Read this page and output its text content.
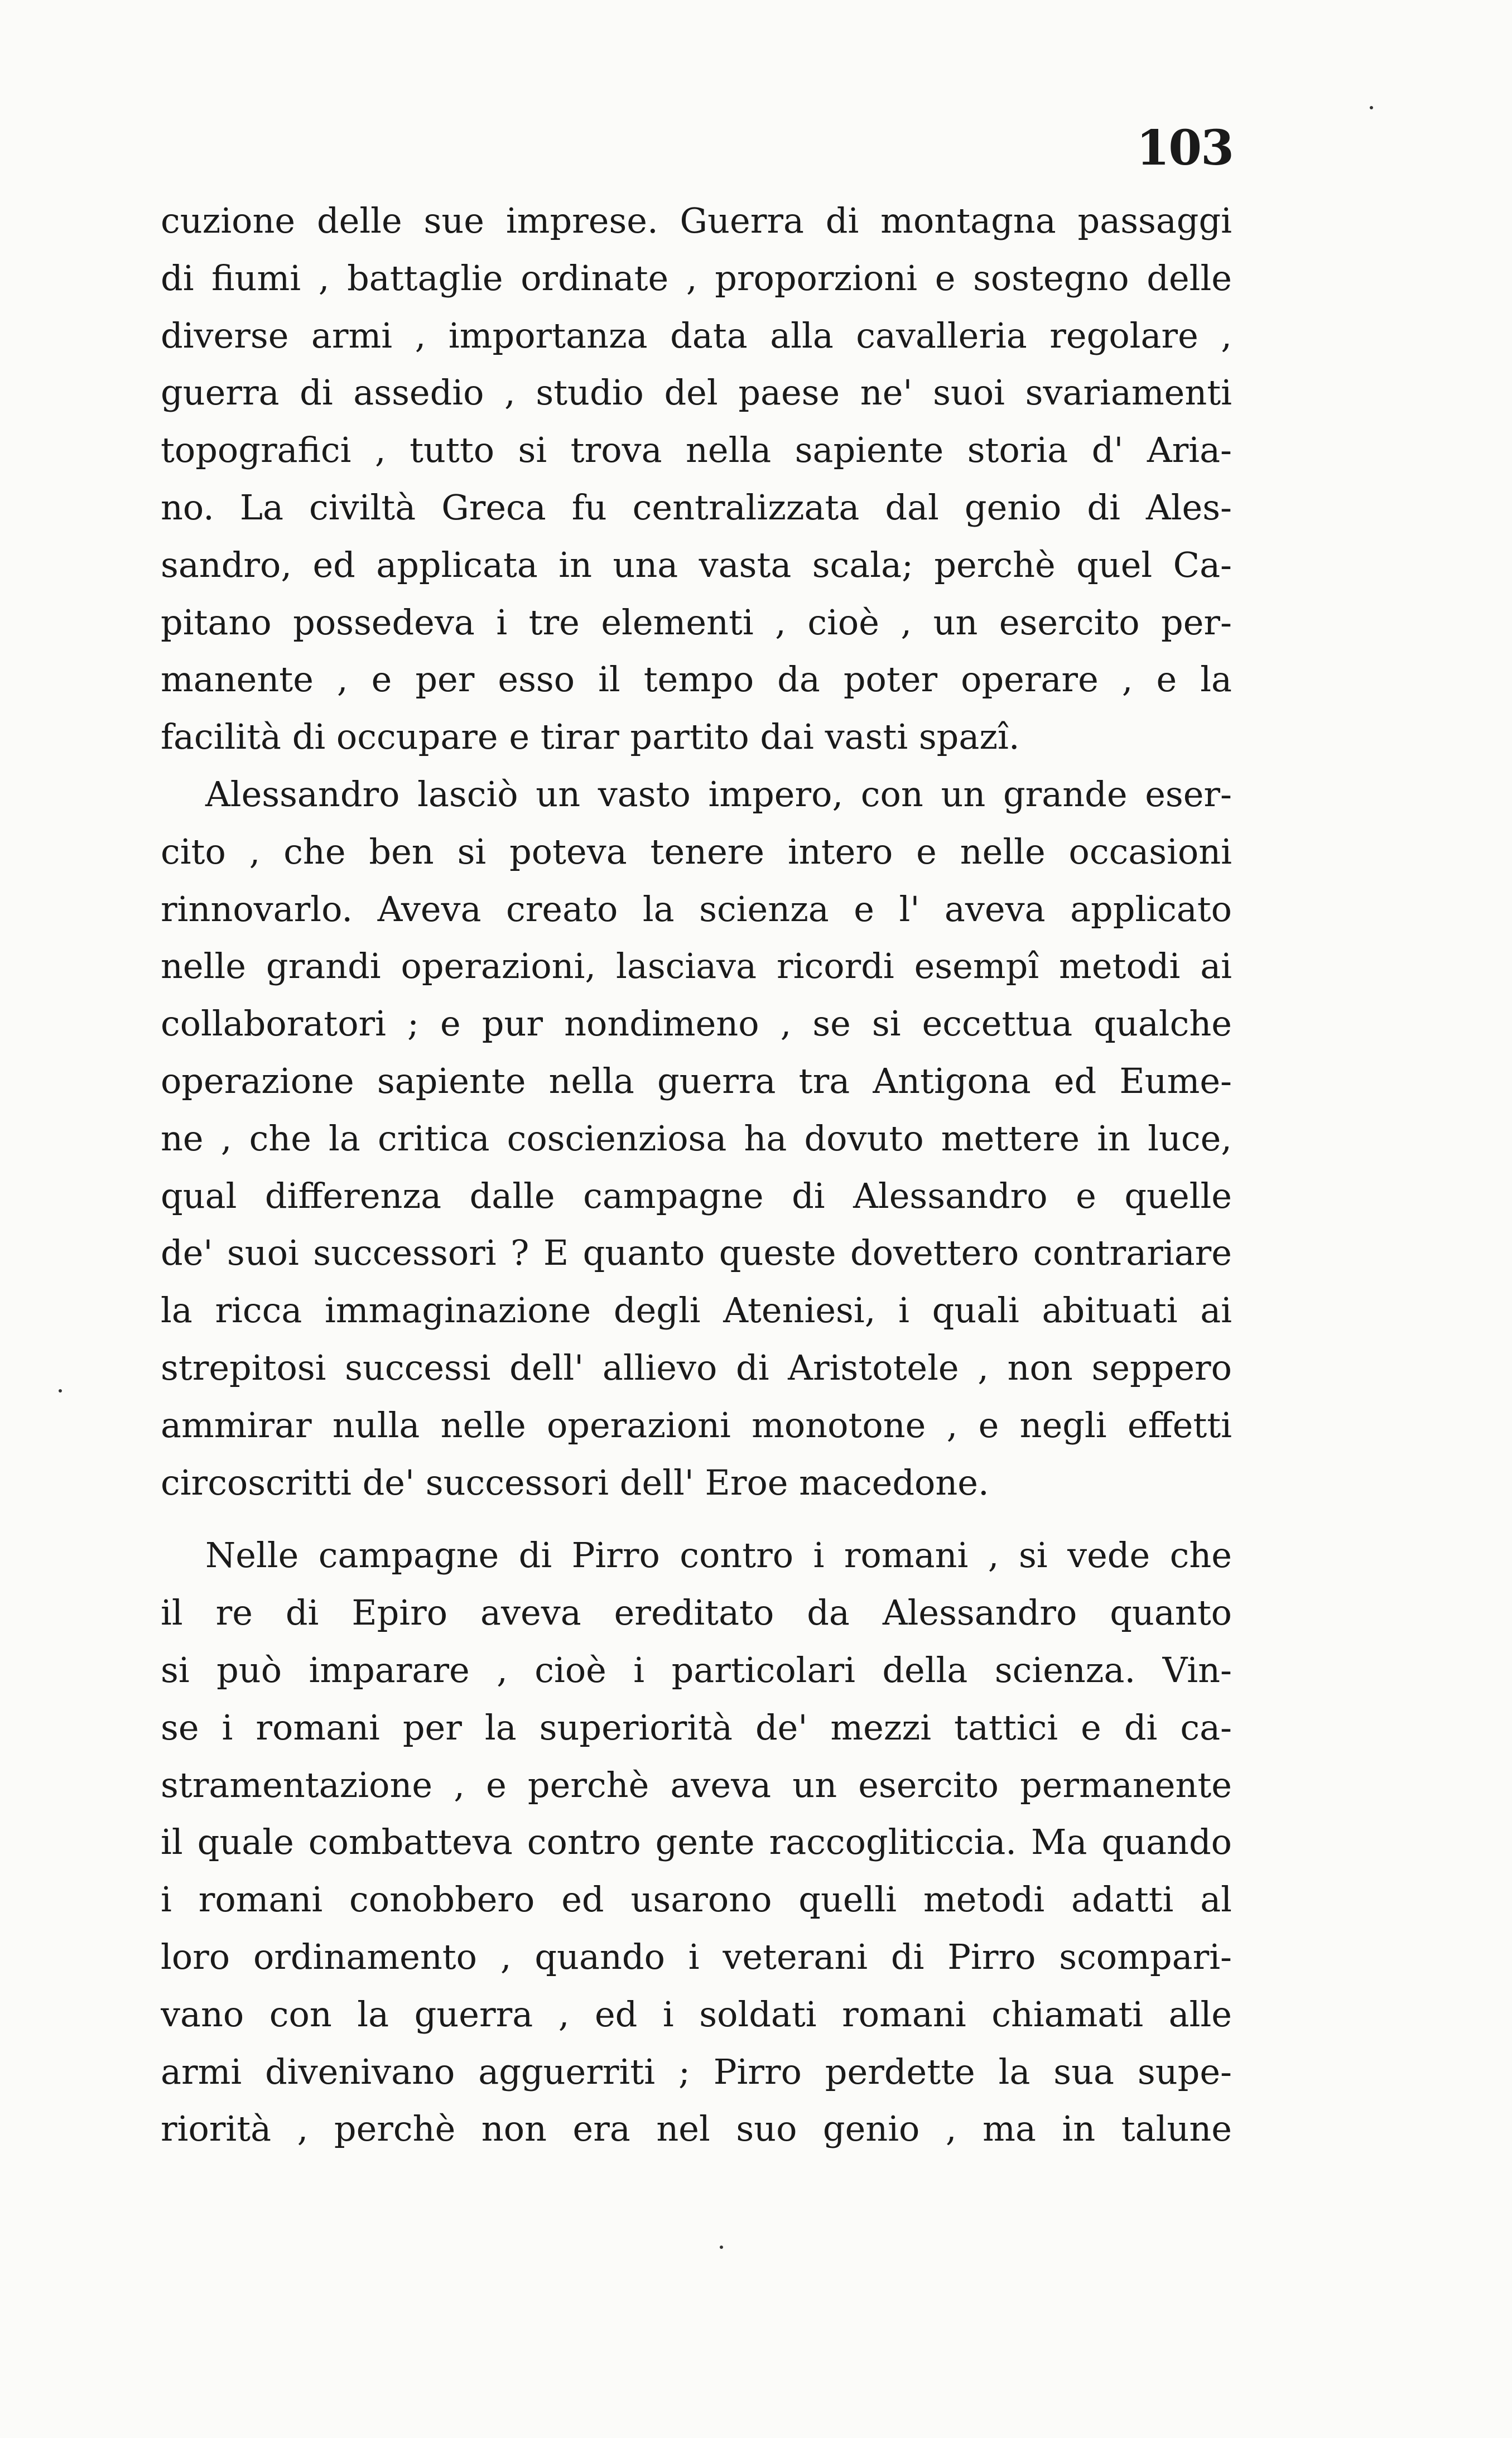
103
cuzione delle sue imprese. Guerra di montagna passaggi
di fiumi , battaglie ordinate , proporzioni e sostegno delle
diverse armi , importanza data alla cavalleria regolare ,
guerra di assedio , studio del paese ne' suoi svariamenti
topografici , tutto si trova nella sapiente storia d' Aria-
no. La civiltà Greca fu centralizzata dal genio di Ales-
sandro, ed applicata in una vasta scala; perchè quel Ca-
pitano possedeva i tre elementi , cioè , un esercito per-
manente , e per esso il tempo da poter operare , e la
facilità di occupare e tirar partito dai vasti spazî.
Alessandro lasciò un vasto impero, con un grande eser-
cito , che ben si poteva tenere intero e nelle occasioni
rinnovarlo. Aveva creato la scienza e l' aveva applicato
nelle grandi operazioni, lasciava ricordi esempî metodi ai
collaboratori ; e pur nondimeno , se si eccettua qualche
operazione sapiente nella guerra tra Antigona ed Eume-
ne , che la critica coscienziosa ha dovuto mettere in luce,
qual differenza dalle campagne di Alessandro e quelle
de' suoi successori ? E quanto queste dovettero contrariare
la ricca immaginazione degli Ateniesi, i quali abituati ai
strepitosi successi dell' allievo di Aristotele , non seppero
ammirar nulla nelle operazioni monotone , e negli effetti
circoscritti de' successori dell' Eroe macedone.
Nelle campagne di Pirro contro i romani , si vede che
il re di Epiro aveva ereditato da Alessandro quanto
si può imparare , cioè i particolari della scienza. Vin-
se i romani per la superiorità de' mezzi tattici e di ca-
stramentazione , e perchè aveva un esercito permanente
il quale combatteva contro gente raccogliticcia. Ma quando
i romani conobbero ed usarono quelli metodi adatti al
loro ordinamento , quando i veterani di Pirro scompari-
vano con la guerra , ed i soldati romani chiamati alle
armi divenivano agguerriti ; Pirro perdette la sua supe-
riorità , perchè non era nel suo genio , ma in talune
